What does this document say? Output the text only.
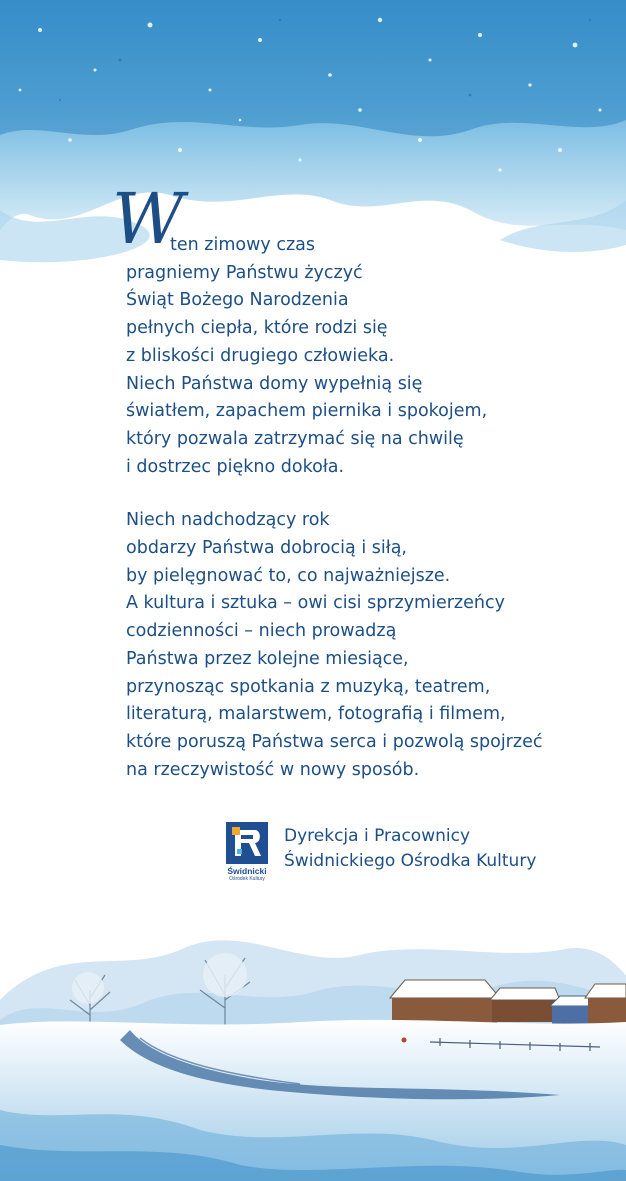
W
ten zimowy czas
pragniemy Państwu życzyć
Świąt Bożego Narodzenia
pełnych ciepła, które rodzi się
z bliskości drugiego człowieka.
Niech Państwa domy wypełnią się
światłem, zapachem piernika i spokojem,
który pozwala zatrzymać się na chwilę
i dostrzec piękno dokoła.
Niech nadchodzący rok
obdarzy Państwa dobrocią i siłą,
by pielęgnować to, co najważniejsze.
A kultura i sztuka – owi cisi sprzymierzeńcy
codzienności – niech prowadzą
Państwa przez kolejne miesiące,
przynosząc spotkania z muzyką, teatrem,
literaturą, malarstwem, fotografią i filmem,
które poruszą Państwa serca i pozwolą spojrzeć
na rzeczywistość w nowy sposób.
Świdnicki
Ośrodek Kultury
Dyrekcja i Pracownicy
Świdnickiego Ośrodka Kultury
